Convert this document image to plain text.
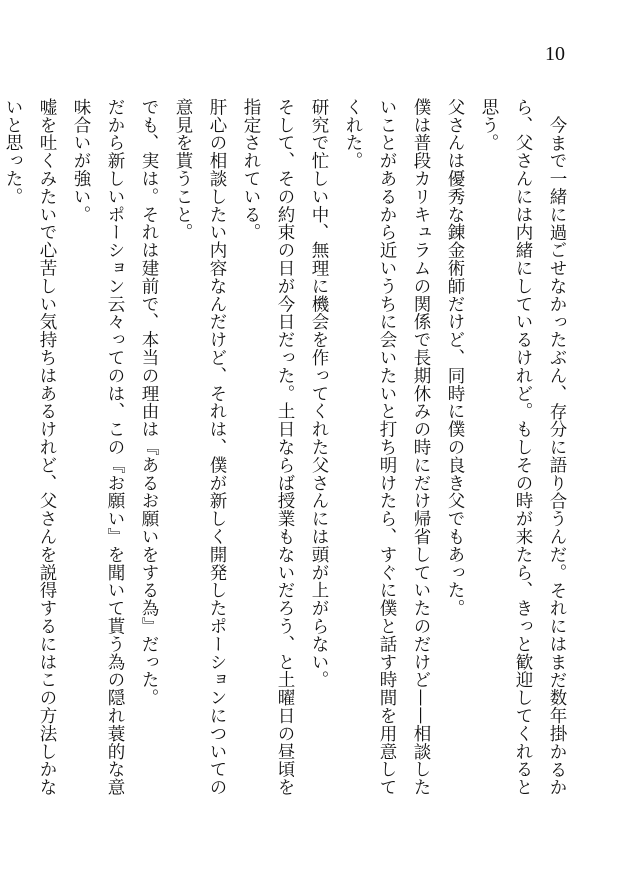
10

今まで一緒に過ごせなかったぶん、存分に語り合うんだ。それにはまだ数年掛かるから、父さんには内緒にしているけれど。もしその時が来たら、きっと歓迎してくれると思う。

父さんは優秀な錬金術師だけど、同時に僕の良き父でもあった。

僕は普段カリキュラムの関係で長期休みの時にだけ帰省していたのだけど——相談したいことがあるから近いうちに会いたいと打ち明けたら、すぐに僕と話す時間を用意してくれた。

研究で忙しい中、無理に機会を作ってくれた父さんには頭が上がらない。

そして、その約束の日が今日だった。土日ならば授業もないだろう、と土曜日の昼頃を指定されている。

肝心の相談したい内容なんだけど、それは、僕が新しく開発したポーションについての意見を貰うこと。

でも、実は。それは建前で、本当の理由は『あるお願いをする為』だった。

だから新しいポーション云々ってのは、この『お願い』を聞いて貰う為の隠れ蓑的な意味合いが強い。

嘘を吐くみたいで心苦しい気持ちはあるけれど、父さんを説得するにはこの方法しかないと思った。
